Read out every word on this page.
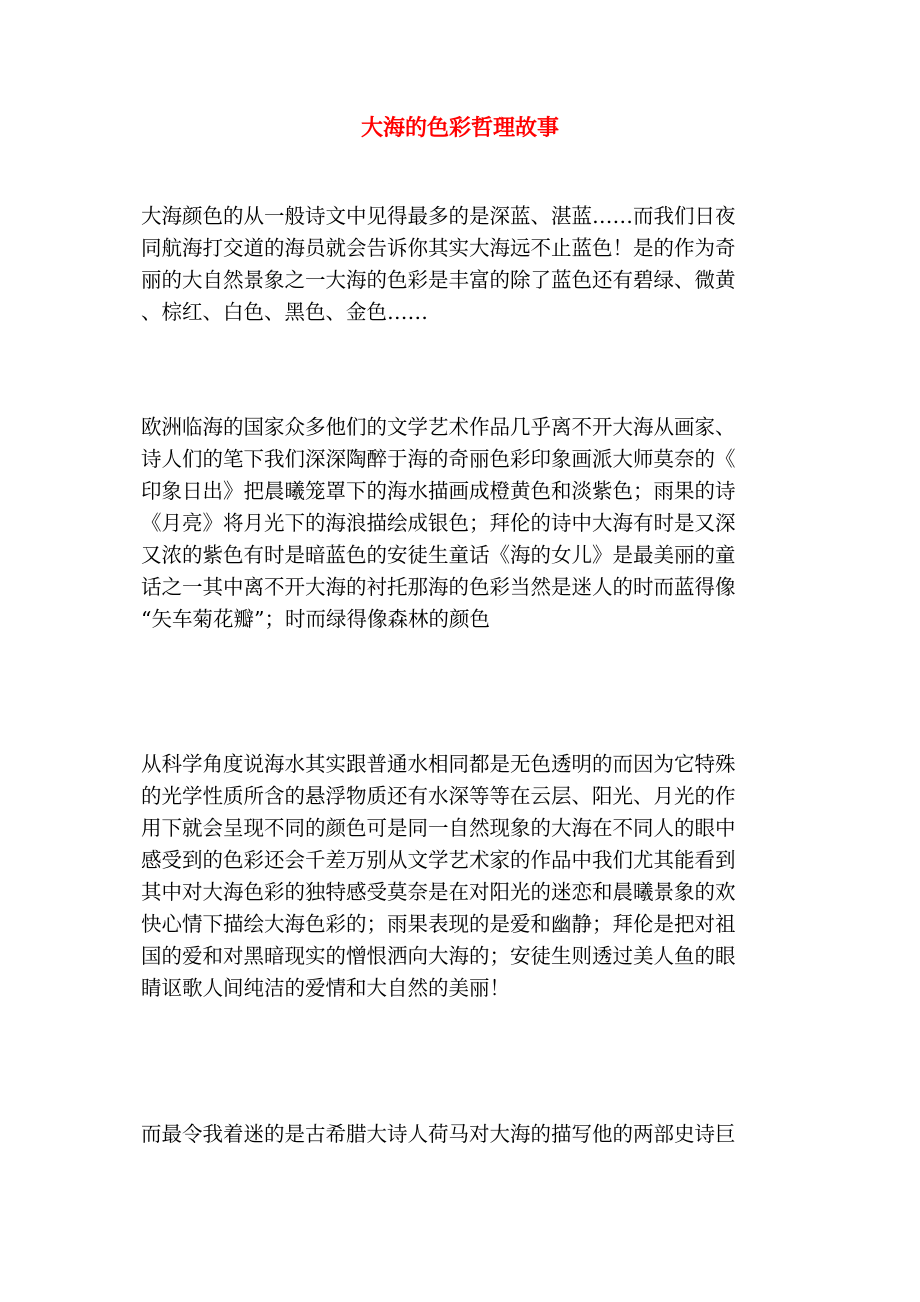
大海的色彩哲理故事
大海颜色的从一般诗文中见得最多的是深蓝、湛蓝……而我们日夜
同航海打交道的海员就会告诉你其实大海远不止蓝色！是的作为奇
丽的大自然景象之一大海的色彩是丰富的除了蓝色还有碧绿、微黄
、棕红、白色、黑色、金色……
欧洲临海的国家众多他们的文学艺术作品几乎离不开大海从画家、
诗人们的笔下我们深深陶醉于海的奇丽色彩印象画派大师莫奈的《
印象日出》把晨曦笼罩下的海水描画成橙黄色和淡紫色；雨果的诗
《月亮》将月光下的海浪描绘成银色；拜伦的诗中大海有时是又深
又浓的紫色有时是暗蓝色的安徒生童话《海的女儿》是最美丽的童
话之一其中离不开大海的衬托那海的色彩当然是迷人的时而蓝得像
“矢车菊花瓣”；时而绿得像森林的颜色
从科学角度说海水其实跟普通水相同都是无色透明的而因为它特殊
的光学性质所含的悬浮物质还有水深等等在云层、阳光、月光的作
用下就会呈现不同的颜色可是同一自然现象的大海在不同人的眼中
感受到的色彩还会千差万别从文学艺术家的作品中我们尤其能看到
其中对大海色彩的独特感受莫奈是在对阳光的迷恋和晨曦景象的欢
快心情下描绘大海色彩的；雨果表现的是爱和幽静；拜伦是把对祖
国的爱和对黑暗现实的憎恨洒向大海的；安徒生则透过美人鱼的眼
睛讴歌人间纯洁的爱情和大自然的美丽！
而最令我着迷的是古希腊大诗人荷马对大海的描写他的两部史诗巨
